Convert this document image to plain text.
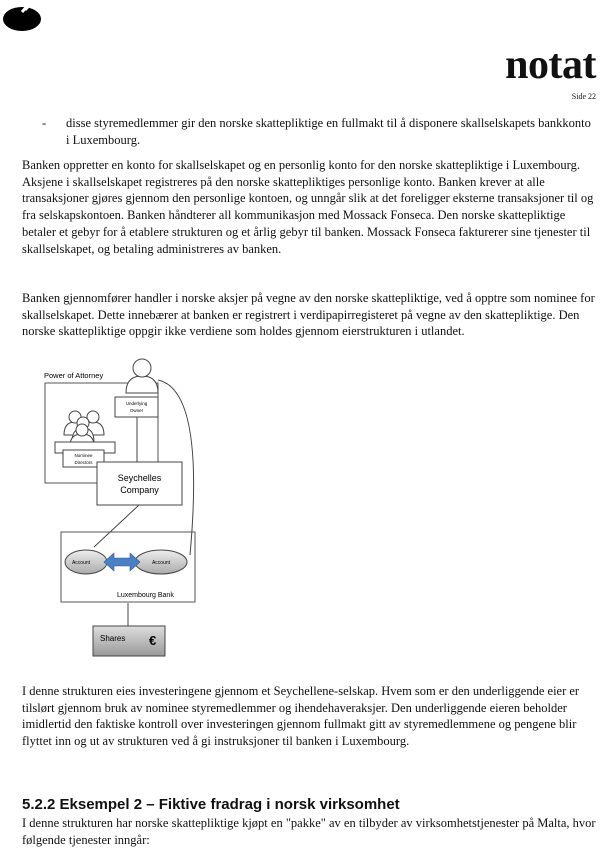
notat
Side 22
- disse styremedlemmer gir den norske skattepliktige en fullmakt til å disponere skallselskapets bankkonto i Luxembourg.
Banken oppretter en konto for skallselskapet og en personlig konto for den norske skattepliktige i Luxembourg. Aksjene i skallselskapet registreres på den norske skattepliktiges personlige konto. Banken krever at alle transaksjoner gjøres gjennom den personlige kontoen, og unngår slik at det foreligger eksterne transaksjoner til og fra selskapskontoen. Banken håndterer all kommunikasjon med Mossack Fonseca. Den norske skattepliktige betaler et gebyr for å etablere strukturen og et årlig gebyr til banken. Mossack Fonseca fakturerer sine tjenester til skallselskapet, og betaling administreres av banken.
Banken gjennomfører handler i norske aksjer på vegne av den norske skattepliktige, ved å opptre som nominee for skallselskapet. Dette innebærer at banken er registrert i verdipapirregisteret på vegne av den skattepliktige. Den norske skattepliktige oppgir ikke verdiene som holdes gjennom eierstrukturen i utlandet.
Power of Attorney
Underlying
Owner
Nominee
Directors
Seychelles
Company
Luxembourg Bank
Account	Account
Shares €
I denne strukturen eies investeringene gjennom et Seychellene-selskap. Hvem som er den underliggende eier er tilslørt gjennom bruk av nominee styremedlemmer og ihendehaveraksjer. Den underliggende eieren beholder imidlertid den faktiske kontroll over investeringen gjennom fullmakt gitt av styremedlemmene og pengene blir flyttet inn og ut av strukturen ved å gi instruksjoner til banken i Luxembourg.
5.2.2 Eksempel 2 – Fiktive fradrag i norsk virksomhet
I denne strukturen har norske skattepliktige kjøpt en "pakke" av en tilbyder av virksomhetstjenester på Malta, hvor følgende tjenester inngår:
